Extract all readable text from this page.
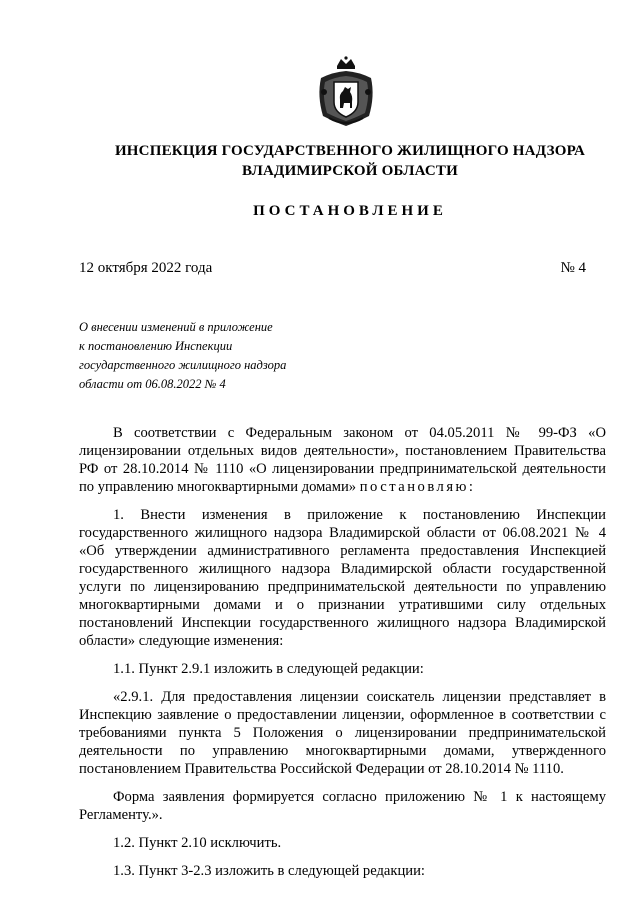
ИНСПЕКЦИЯ ГОСУДАРСТВЕННОГО ЖИЛИЩНОГО НАДЗОРА
ВЛАДИМИРСКОЙ ОБЛАСТИ
ПОСТАНОВЛЕНИЕ
12 октября 2022 года	№ 4
О внесении изменений в приложение
к постановлению Инспекции
государственного жилищного надзора
области от 06.08.2022 № 4

В соответствии с Федеральным законом от 04.05.2011 № 99-ФЗ «О лицензировании отдельных видов деятельности», постановлением Правительства РФ от 28.10.2014 № 1110 «О лицензировании предпринимательской деятельности по управлению многоквартирными домами» постановляю:

1. Внести изменения в приложение к постановлению Инспекции государственного жилищного надзора Владимирской области от 06.08.2021 № 4 «Об утверждении административного регламента предоставления Инспекцией государственного жилищного надзора Владимирской области государственной услуги по лицензированию предпринимательской деятельности по управлению многоквартирными домами и о признании утратившими силу отдельных постановлений Инспекции государственного жилищного надзора Владимирской области» следующие изменения:

1.1. Пункт 2.9.1 изложить в следующей редакции:

«2.9.1. Для предоставления лицензии соискатель лицензии представляет в Инспекцию заявление о предоставлении лицензии, оформленное в соответствии с требованиями пункта 5 Положения о лицензировании предпринимательской деятельности по управлению многоквартирными домами, утвержденного постановлением Правительства Российской Федерации от 28.10.2014 № 1110.

Форма заявления формируется согласно приложению № 1 к настоящему Регламенту.».

1.2. Пункт 2.10 исключить.

1.3. Пункт 3-2.3 изложить в следующей редакции:
